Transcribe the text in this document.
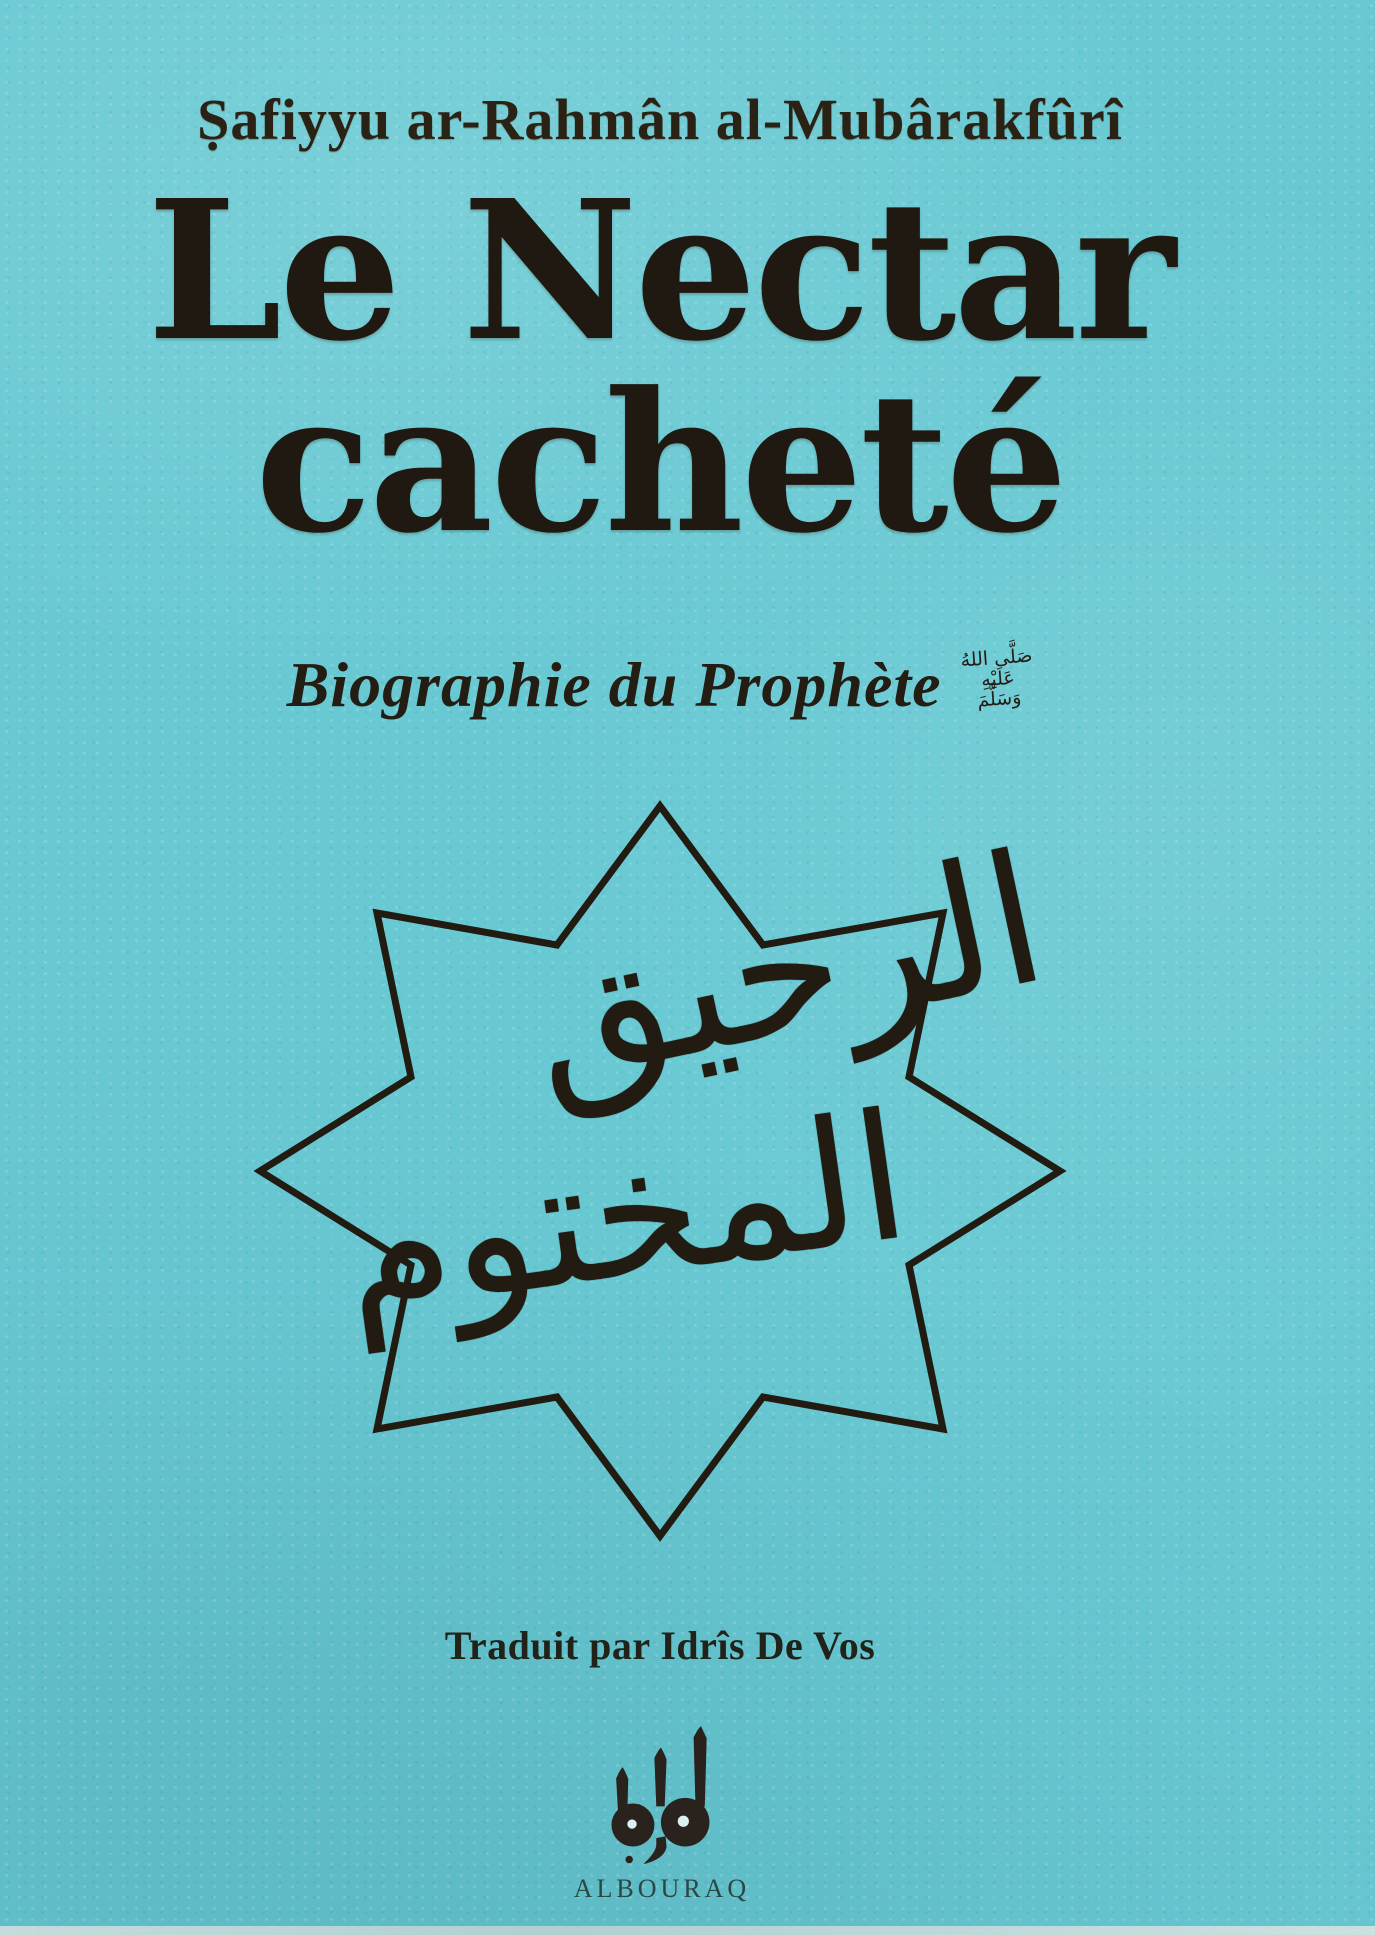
Ṣafiyyu ar-Rahmân al-Mubârakfûrî
Le Nectar
cacheté
Biographie du Prophète صَلَّى اللهُ
عَلَيْهِ
وَسَلَّمَ
الرحيق
المختوم
Traduit par Idrîs De Vos
ALBOURAQ
